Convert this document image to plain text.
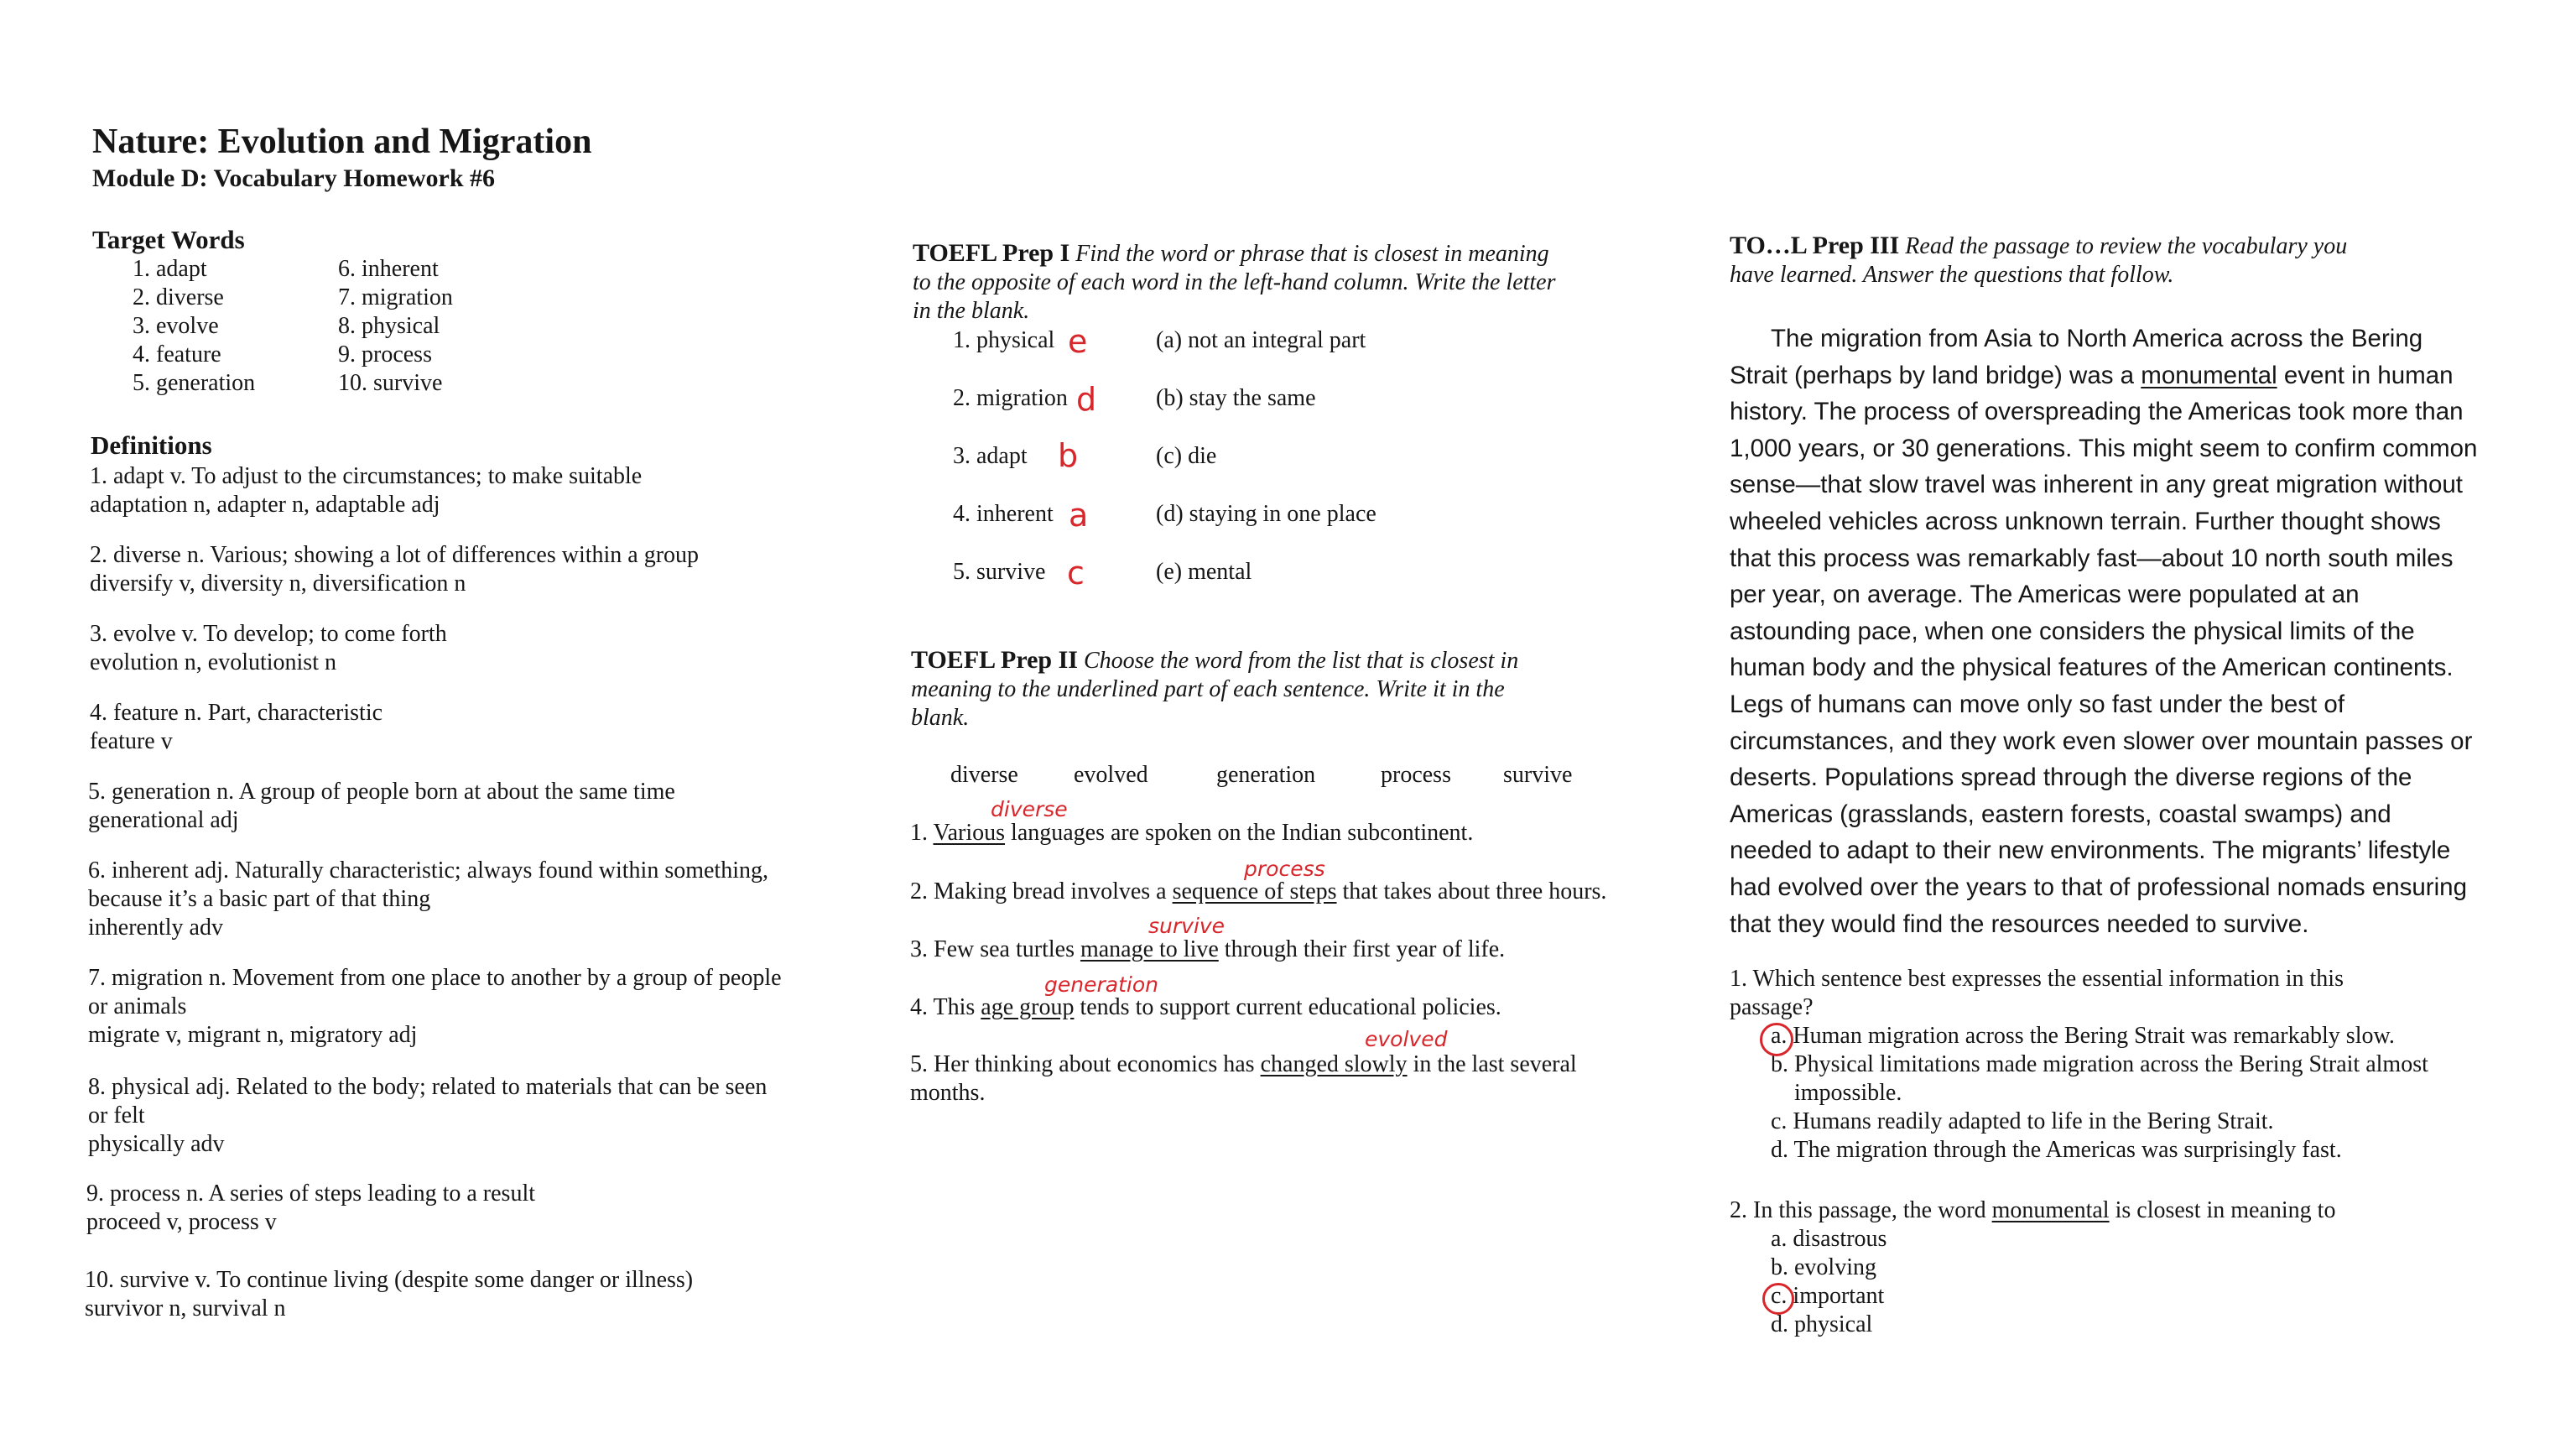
Nature: Evolution and Migration
Module D: Vocabulary Homework #6
Target Words
1. adapt
2. diverse
3. evolve
4. feature
5. generation
6. inherent
7. migration
8. physical
9. process
10. survive
Definitions
1. adapt v. To adjust to the circumstances; to make suitable
adaptation n, adapter n, adaptable adj
2. diverse n. Various; showing a lot of differences within a group
diversify v, diversity n, diversification n
3. evolve v. To develop; to come forth
evolution n, evolutionist n
4. feature n. Part, characteristic
feature v
5. generation n. A group of people born at about the same time
generational adj
6. inherent adj. Naturally characteristic; always found within something,
because it’s a basic part of that thing
inherently adv
7. migration n. Movement from one place to another by a group of people
or animals
migrate v, migrant n, migratory adj
8. physical adj. Related to the body; related to materials that can be seen
or felt
physically adv
9. process n. A series of steps leading to a result
proceed v, process v
10. survive v. To continue living (despite some danger or illness)
survivor n, survival n
TOEFL Prep I Find the word or phrase that is closest in meaning
to the opposite of each word in the left-hand column. Write the letter
in the blank.
1. physical
2. migration
3. adapt
4. inherent
5. survive
e
d
b
a
c
(a) not an integral part
(b) stay the same
(c) die
(d) staying in one place
(e) mental
TOEFL Prep II Choose the word from the list that is closest in
meaning to the underlined part of each sentence. Write it in the
blank.
diverse evolved	generation	process survive
1. Various languages are spoken on the Indian subcontinent.
2. Making bread involves a sequence of steps that takes about three hours.
3. Few sea turtles manage to live through their first year of life.
4. This age group tends to support current educational policies.
5. Her thinking about economics has changed slowly in the last several
months.
diverse
process
survive
generation
evolved
TO…L Prep III Read the passage to review the vocabulary you
have learned. Answer the questions that follow.
The migration from Asia to North America across the Bering
Strait (perhaps by land bridge) was a monumental event in human
history. The process of overspreading the Americas took more than
1,000 years, or 30 generations. This might seem to confirm common
sense—that slow travel was inherent in any great migration without
wheeled vehicles across unknown terrain. Further thought shows
that this process was remarkably fast—about 10 north south miles
per year, on average. The Americas were populated at an
astounding pace, when one considers the physical limits of the
human body and the physical features of the American continents.
Legs of humans can move only so fast under the best of
circumstances, and they work even slower over mountain passes or
deserts. Populations spread through the diverse regions of the
Americas (grasslands, eastern forests, coastal swamps) and
needed to adapt to their new environments. The migrants’ lifestyle
had evolved over the years to that of professional nomads ensuring
that they would find the resources needed to survive.
1. Which sentence best expresses the essential information in this
passage?
a. Human migration across the Bering Strait was remarkably slow.
b. Physical limitations made migration across the Bering Strait almost
impossible.
c. Humans readily adapted to life in the Bering Strait.
d. The migration through the Americas was surprisingly fast.
2. In this passage, the word monumental is closest in meaning to
a. disastrous
b. evolving
c. important
d. physical
